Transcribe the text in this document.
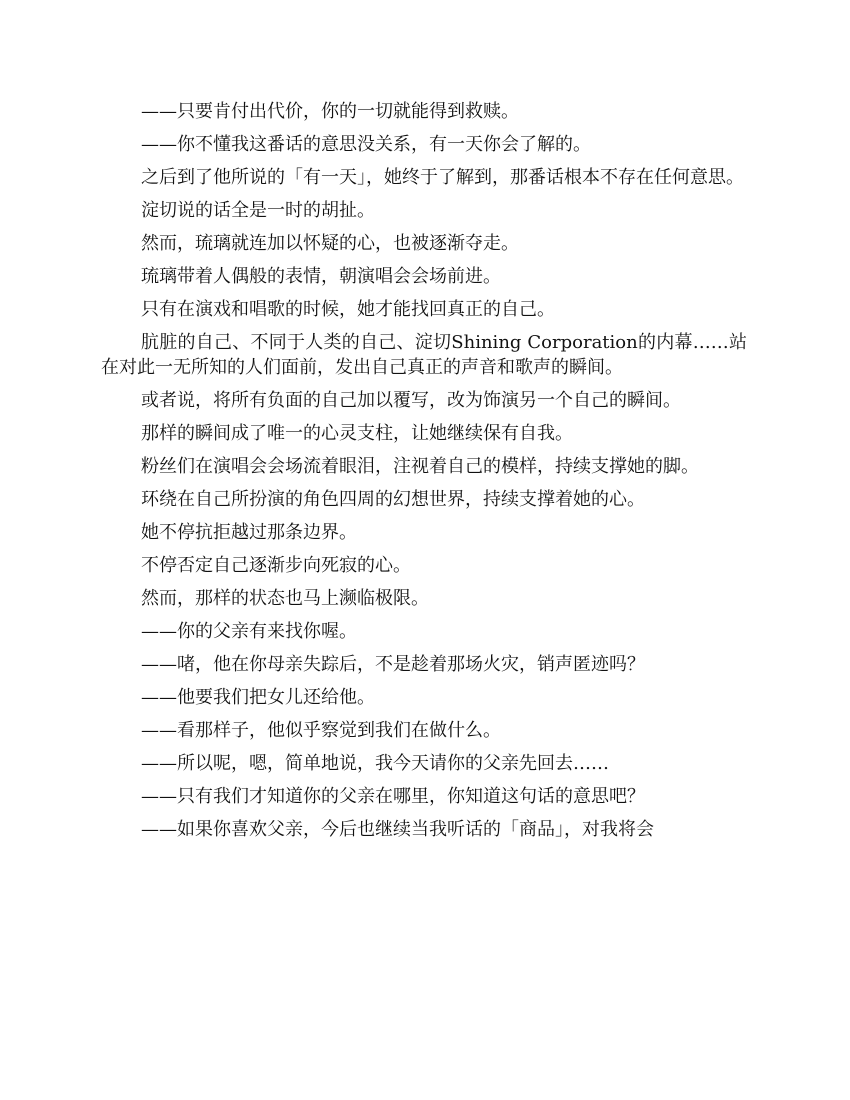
——只要肯付出代价，你的一切就能得到救赎。

——你不懂我这番话的意思没关系，有一天你会了解的。

之后到了他所说的「有一天」，她终于了解到，那番话根本不存在任何意思。

淀切说的话全是一时的胡扯。

然而，琉璃就连加以怀疑的心，也被逐渐夺走。

琉璃带着人偶般的表情，朝演唱会会场前进。

只有在演戏和唱歌的时候，她才能找回真正的自己。

肮脏的自己、不同于人类的自己、淀切Shining Corporation的内幕……站在对此一无所知的人们面前，发出自己真正的声音和歌声的瞬间。

或者说，将所有负面的自己加以覆写，改为饰演另一个自己的瞬间。

那样的瞬间成了唯一的心灵支柱，让她继续保有自我。

粉丝们在演唱会会场流着眼泪，注视着自己的模样，持续支撑她的脚。

环绕在自己所扮演的角色四周的幻想世界，持续支撑着她的心。

她不停抗拒越过那条边界。

不停否定自己逐渐步向死寂的心。

然而，那样的状态也马上濒临极限。

——你的父亲有来找你喔。

——啫，他在你母亲失踪后，不是趁着那场火灾，销声匿迹吗？

——他要我们把女儿还给他。

——看那样子，他似乎察觉到我们在做什么。

——所以呢，嗯，简单地说，我今天请你的父亲先回去……

——只有我们才知道你的父亲在哪里，你知道这句话的意思吧？

——如果你喜欢父亲，今后也继续当我听话的「商品」，对我将会
